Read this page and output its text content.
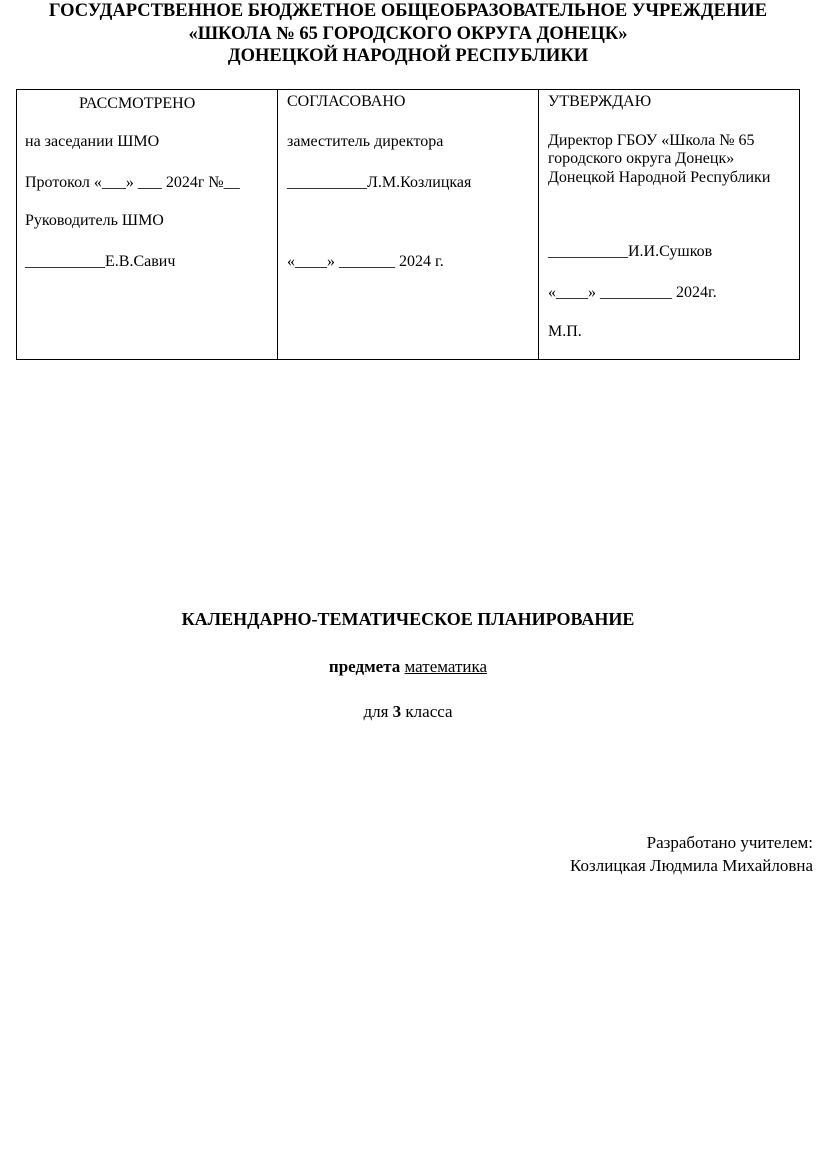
ГОСУДАРСТВЕННОЕ БЮДЖЕТНОЕ ОБЩЕОБРАЗОВАТЕЛЬНОЕ УЧРЕЖДЕНИЕ
«ШКОЛА № 65 ГОРОДСКОГО ОКРУГА ДОНЕЦК»
ДОНЕЦКОЙ НАРОДНОЙ РЕСПУБЛИКИ

РАССМОТРЕНО

на заседании ШМО

Протокол «___» ___ 2024г №__

Руководитель ШМО

__________Е.В.Савич

СОГЛАСОВАНО

заместитель директора

__________Л.М.Козлицкая

«____» _______ 2024 г.

УТВЕРЖДАЮ

Директор ГБОУ «Школа № 65 городского округа Донецк» Донецкой Народной Республики

__________И.И.Сушков

«____» _________ 2024г.

М.П.

КАЛЕНДАРНО-ТЕМАТИЧЕСКОЕ ПЛАНИРОВАНИЕ
предмета математика
для 3 класса
Разработано учителем:
Козлицкая Людмила Михайловна
